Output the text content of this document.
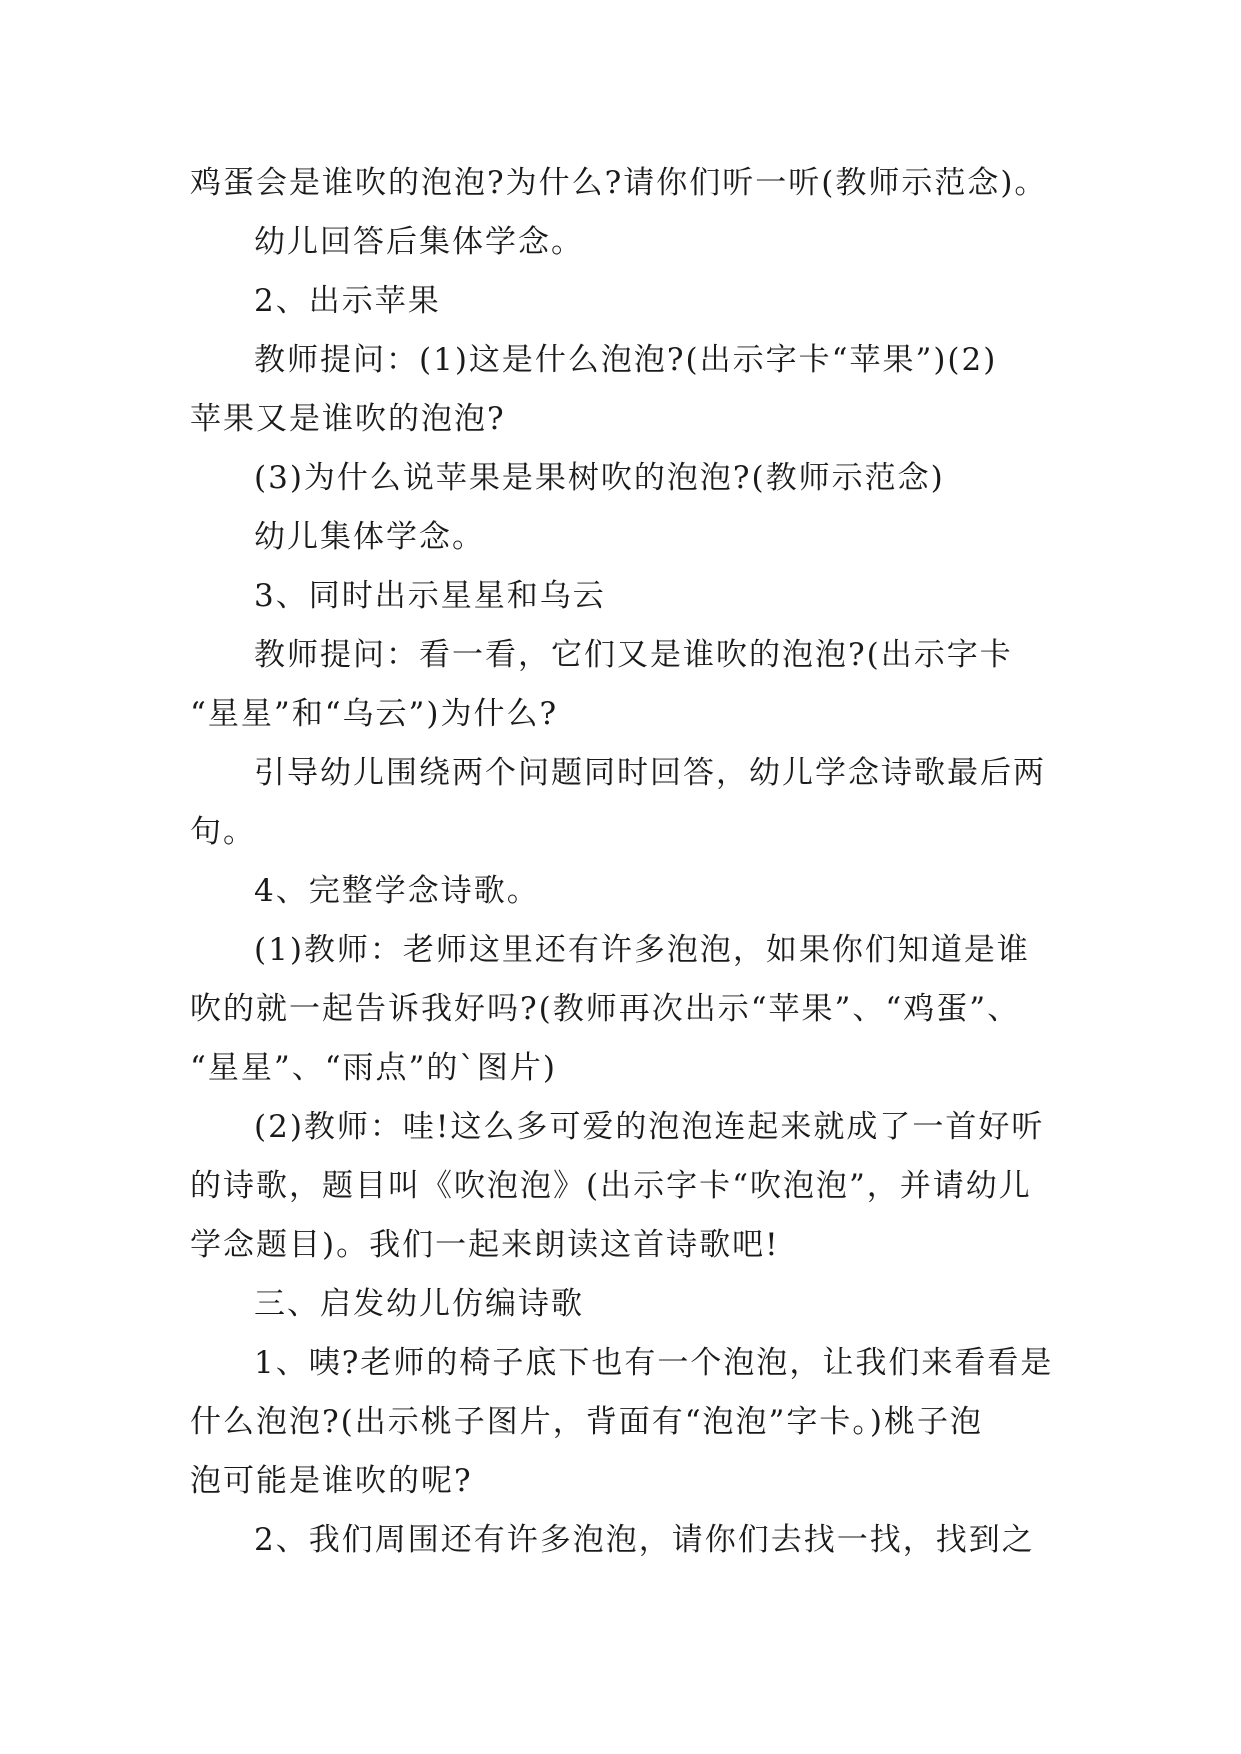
鸡蛋会是谁吹的泡泡?为什么?请你们听一听(教师示范念)。
幼儿回答后集体学念。
2、出示苹果
教师提问：(1)这是什么泡泡?(出示字卡“苹果”)(2)
苹果又是谁吹的泡泡?
(3)为什么说苹果是果树吹的泡泡?(教师示范念)
幼儿集体学念。
3、同时出示星星和乌云
教师提问：看一看，它们又是谁吹的泡泡?(出示字卡
“星星”和“乌云”)为什么?
引导幼儿围绕两个问题同时回答，幼儿学念诗歌最后两
句。
4、完整学念诗歌。
(1)教师：老师这里还有许多泡泡，如果你们知道是谁
吹的就一起告诉我好吗?(教师再次出示“苹果”、“鸡蛋”、
“星星”、“雨点”的`图片)
(2)教师：哇!这么多可爱的泡泡连起来就成了一首好听
的诗歌，题目叫《吹泡泡》(出示字卡“吹泡泡”，并请幼儿
学念题目)。我们一起来朗读这首诗歌吧!
三、启发幼儿仿编诗歌
1、咦?老师的椅子底下也有一个泡泡，让我们来看看是
什么泡泡?(出示桃子图片，背面有“泡泡”字卡。)桃子泡
泡可能是谁吹的呢?
2、我们周围还有许多泡泡，请你们去找一找，找到之
